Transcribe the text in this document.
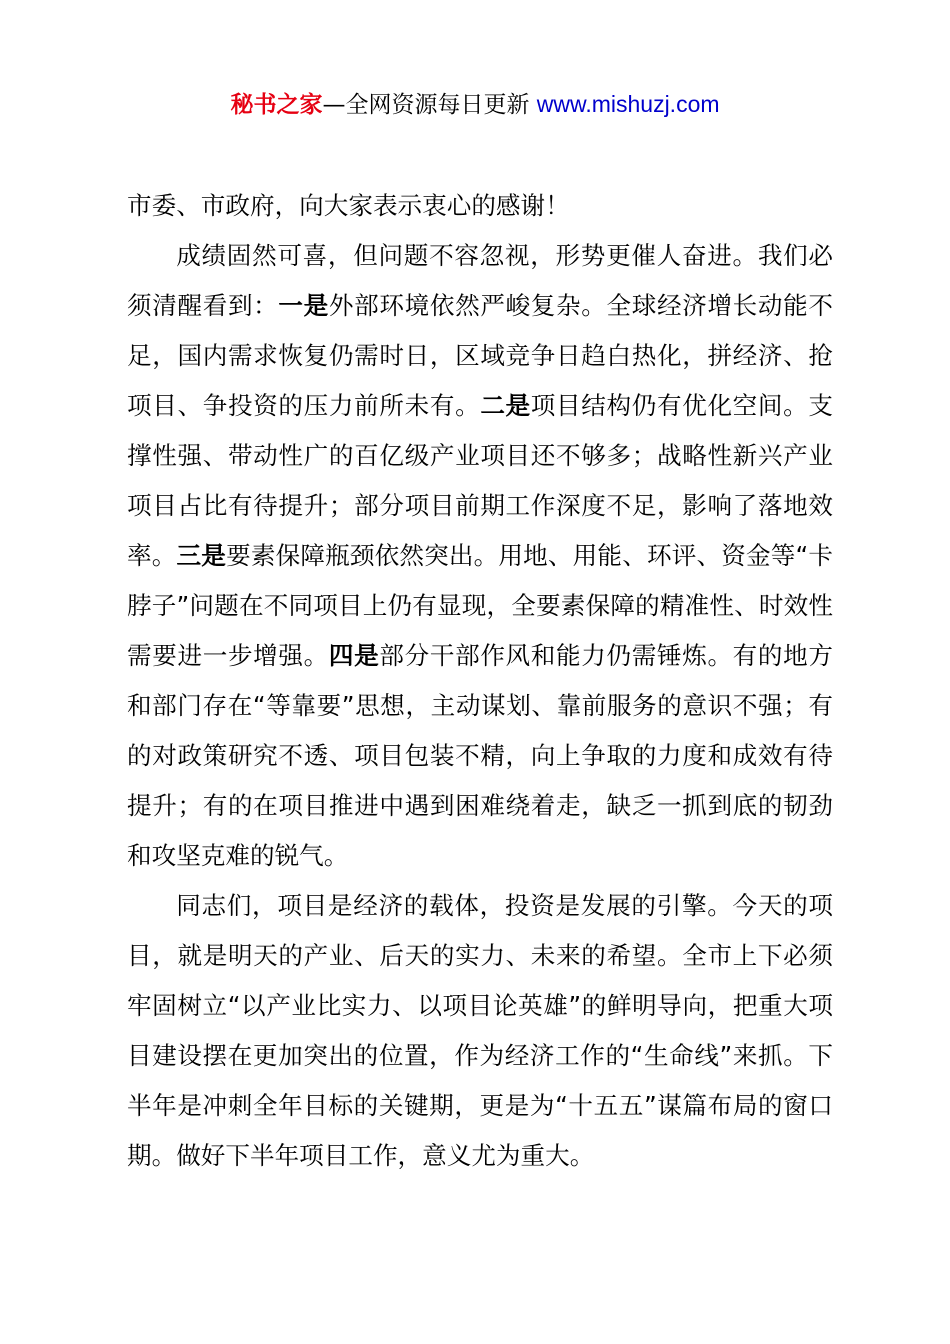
秘书之家—全网资源每日更新 www.mishuzj.com

市委、市政府，向大家表示衷心的感谢！

成绩固然可喜，但问题不容忽视，形势更催人奋进。我们必须清醒看到：一是外部环境依然严峻复杂。全球经济增长动能不足，国内需求恢复仍需时日，区域竞争日趋白热化，拼经济、抢项目、争投资的压力前所未有。二是项目结构仍有优化空间。支撑性强、带动性广的百亿级产业项目还不够多；战略性新兴产业项目占比有待提升；部分项目前期工作深度不足，影响了落地效率。三是要素保障瓶颈依然突出。用地、用能、环评、资金等“卡脖子”问题在不同项目上仍有显现，全要素保障的精准性、时效性需要进一步增强。四是部分干部作风和能力仍需锤炼。有的地方和部门存在“等靠要”思想，主动谋划、靠前服务的意识不强；有的对政策研究不透、项目包装不精，向上争取的力度和成效有待提升；有的在项目推进中遇到困难绕着走，缺乏一抓到底的韧劲和攻坚克难的锐气。

同志们，项目是经济的载体，投资是发展的引擎。今天的项目，就是明天的产业、后天的实力、未来的希望。全市上下必须牢固树立“以产业比实力、以项目论英雄”的鲜明导向，把重大项目建设摆在更加突出的位置，作为经济工作的“生命线”来抓。下半年是冲刺全年目标的关键期，更是为“十五五”谋篇布局的窗口期。做好下半年项目工作，意义尤为重大。
